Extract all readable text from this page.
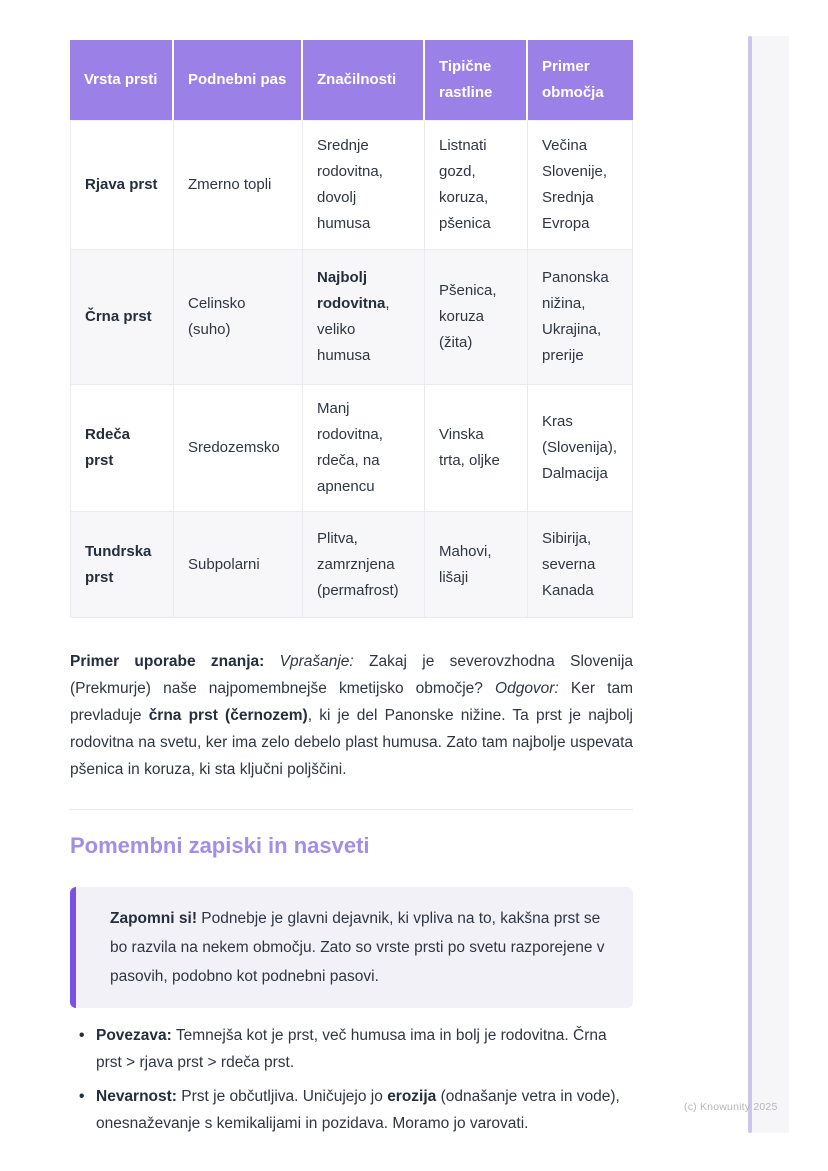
Vrsta prsti	Podnebni pas	Značilnosti	Tipične rastline	Primer območja
Rjava prst	Zmerno topli	Srednje rodovitna, dovolj humusa	Listnati gozd, koruza, pšenica	Večina Slovenije, Srednja Evropa
Črna prst	Celinsko (suho)	Najbolj rodovitna, veliko humusa	Pšenica, koruza (žita)	Panonska nižina, Ukrajina, prerije
Rdeča prst	Sredozemsko	Manj rodovitna, rdeča, na apnencu	Vinska trta, oljke	Kras (Slovenija), Dalmacija
Tundrska prst	Subpolarni	Plitva, zamrznjena (permafrost)	Mahovi, lišaji	Sibirija, severna Kanada

Primer uporabe znanja: Vprašanje: Zakaj je severovzhodna Slovenija (Prekmurje) naše najpomembnejše kmetijsko območje? Odgovor: Ker tam prevladuje črna prst (černozem), ki je del Panonske nižine. Ta prst je najbolj rodovitna na svetu, ker ima zelo debelo plast humusa. Zato tam najbolje uspevata pšenica in koruza, ki sta ključni poljščini.

Pomembni zapiski in nasveti
Zapomni si! Podnebje je glavni dejavnik, ki vpliva na to, kakšna prst se bo razvila na nekem območju. Zato so vrste prsti po svetu razporejene v pasovih, podobno kot podnebni pasovi.
• Povezava: Temnejša kot je prst, več humusa ima in bolj je rodovitna. Črna prst > rjava prst > rdeča prst.
• Nevarnost: Prst je občutljiva. Uničujejo jo erozija (odnašanje vetra in vode), onesnaževanje s kemikalijami in pozidava. Moramo jo varovati.
(c) Knowunity 2025
